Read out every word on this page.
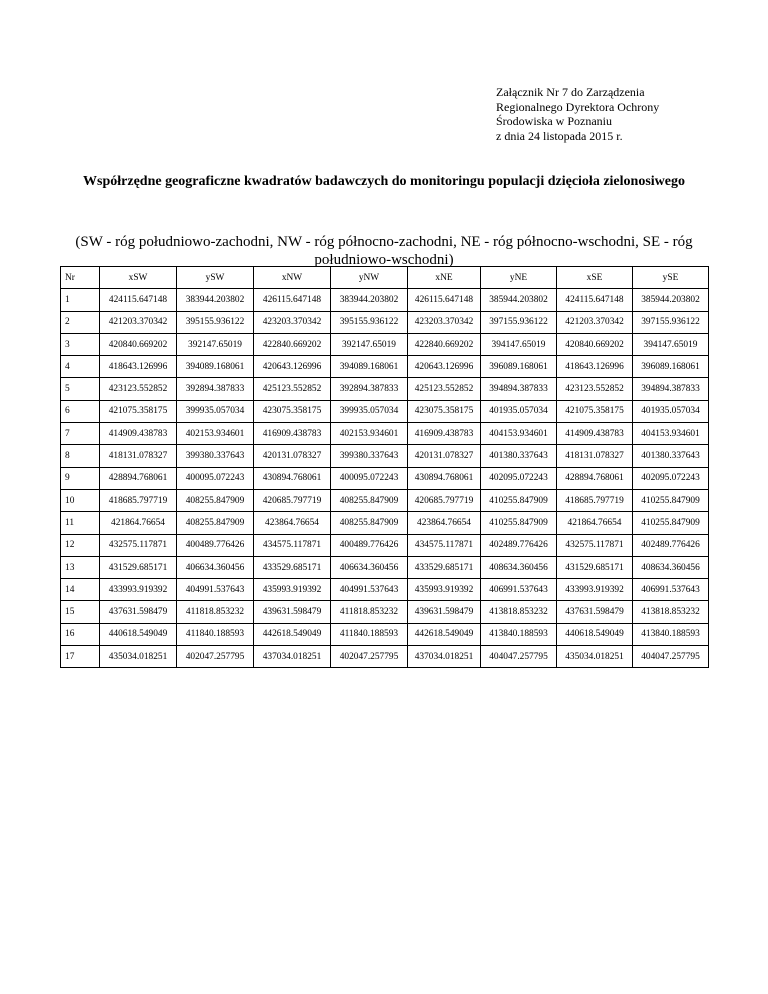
Załącznik Nr 7 do Zarządzenia
Regionalnego Dyrektora Ochrony
Środowiska w Poznaniu
z dnia 24 listopada 2015 r.
Współrzędne geograficzne kwadratów badawczych do monitoringu populacji dzięcioła zielonosiwego
(SW - róg południowo-zachodni, NW - róg północno-zachodni, NE - róg północno-wschodni, SE - róg południowo-wschodni)
Nr	xSW	ySW	xNW	yNW	xNE	yNE	xSE	ySE
1	424115.647148	383944.203802	426115.647148	383944.203802	426115.647148	385944.203802	424115.647148	385944.203802
2	421203.370342	395155.936122	423203.370342	395155.936122	423203.370342	397155.936122	421203.370342	397155.936122
3	420840.669202	392147.65019	422840.669202	392147.65019	422840.669202	394147.65019	420840.669202	394147.65019
4	418643.126996	394089.168061	420643.126996	394089.168061	420643.126996	396089.168061	418643.126996	396089.168061
5	423123.552852	392894.387833	425123.552852	392894.387833	425123.552852	394894.387833	423123.552852	394894.387833
6	421075.358175	399935.057034	423075.358175	399935.057034	423075.358175	401935.057034	421075.358175	401935.057034
7	414909.438783	402153.934601	416909.438783	402153.934601	416909.438783	404153.934601	414909.438783	404153.934601
8	418131.078327	399380.337643	420131.078327	399380.337643	420131.078327	401380.337643	418131.078327	401380.337643
9	428894.768061	400095.072243	430894.768061	400095.072243	430894.768061	402095.072243	428894.768061	402095.072243
10	418685.797719	408255.847909	420685.797719	408255.847909	420685.797719	410255.847909	418685.797719	410255.847909
11	421864.76654	408255.847909	423864.76654	408255.847909	423864.76654	410255.847909	421864.76654	410255.847909
12	432575.117871	400489.776426	434575.117871	400489.776426	434575.117871	402489.776426	432575.117871	402489.776426
13	431529.685171	406634.360456	433529.685171	406634.360456	433529.685171	408634.360456	431529.685171	408634.360456
14	433993.919392	404991.537643	435993.919392	404991.537643	435993.919392	406991.537643	433993.919392	406991.537643
15	437631.598479	411818.853232	439631.598479	411818.853232	439631.598479	413818.853232	437631.598479	413818.853232
16	440618.549049	411840.188593	442618.549049	411840.188593	442618.549049	413840.188593	440618.549049	413840.188593
17	435034.018251	402047.257795	437034.018251	402047.257795	437034.018251	404047.257795	435034.018251	404047.257795
